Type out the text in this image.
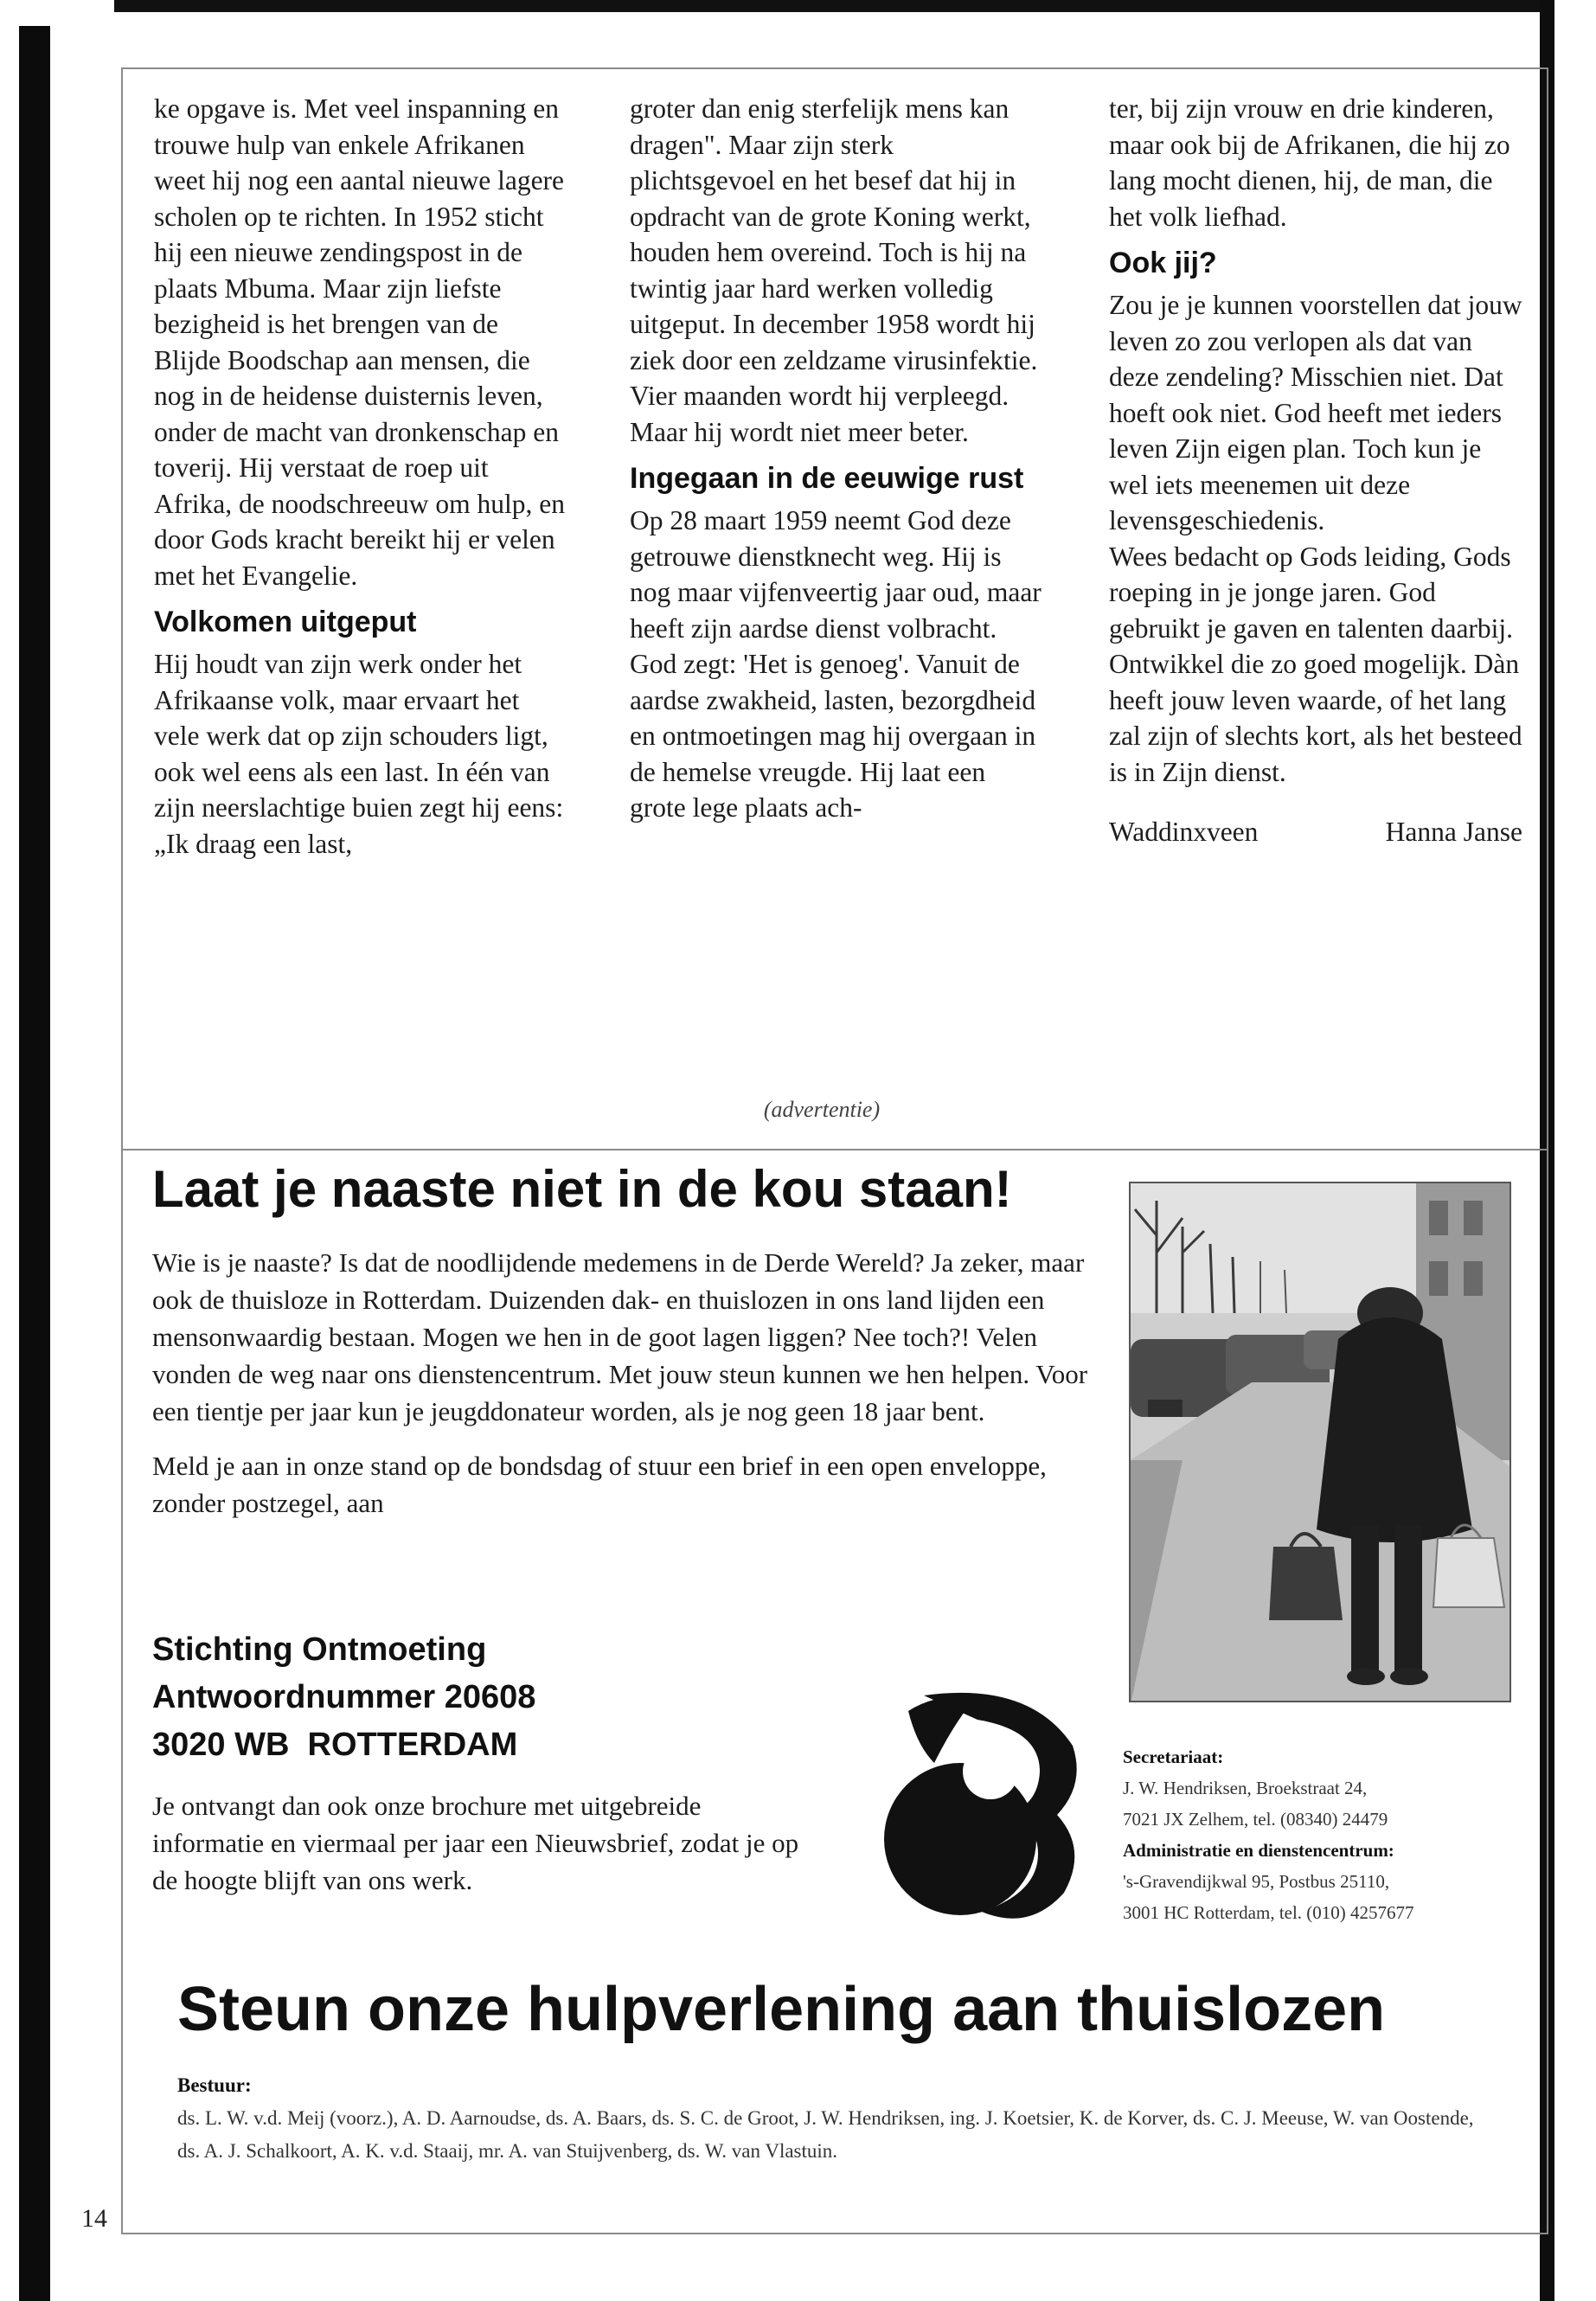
ke opgave is. Met veel inspanning en trouwe hulp van enkele Afrikanen weet hij nog een aantal nieuwe lagere scholen op te richten. In 1952 sticht hij een nieuwe zendingspost in de plaats Mbuma. Maar zijn liefste bezigheid is het brengen van de Blijde Boodschap aan mensen, die nog in de heidense duisternis leven, onder de macht van dronkenschap en toverij. Hij verstaat de roep uit Afrika, de noodschreeuw om hulp, en door Gods kracht bereikt hij er velen met het Evangelie.

Volkomen uitgeput

Hij houdt van zijn werk onder het Afrikaanse volk, maar ervaart het vele werk dat op zijn schouders ligt, ook wel eens als een last. In één van zijn neerslachtige buien zegt hij eens: „Ik draag een last,

groter dan enig sterfelijk mens kan dragen". Maar zijn sterk plichtsgevoel en het besef dat hij in opdracht van de grote Koning werkt, houden hem overeind. Toch is hij na twintig jaar hard werken volledig uitgeput. In december 1958 wordt hij ziek door een zeldzame virusinfektie. Vier maanden wordt hij verpleegd. Maar hij wordt niet meer beter.

Ingegaan in de eeuwige rust

Op 28 maart 1959 neemt God deze getrouwe dienstknecht weg. Hij is nog maar vijfenveertig jaar oud, maar heeft zijn aardse dienst volbracht. God zegt: 'Het is genoeg'. Vanuit de aardse zwakheid, lasten, bezorgdheid en ontmoetingen mag hij overgaan in de hemelse vreugde. Hij laat een grote lege plaats ach-

ter, bij zijn vrouw en drie kinderen, maar ook bij de Afrikanen, die hij zo lang mocht dienen, hij, de man, die het volk liefhad.

Ook jij?

Zou je je kunnen voorstellen dat jouw leven zo zou verlopen als dat van deze zendeling? Misschien niet. Dat hoeft ook niet. God heeft met ieders leven Zijn eigen plan. Toch kun je wel iets meenemen uit deze levensgeschiedenis.

Wees bedacht op Gods leiding, Gods roeping in je jonge jaren. God gebruikt je gaven en talenten daarbij. Ontwikkel die zo goed mogelijk. Dàn heeft jouw leven waarde, of het lang zal zijn of slechts kort, als het besteed is in Zijn dienst.

Waddinxveen	Hanna Janse
(advertentie)
Laat je naaste niet in de kou staan!

Wie is je naaste? Is dat de noodlijdende medemens in de Derde Wereld? Ja zeker, maar ook de thuisloze in Rotterdam. Duizenden dak- en thuislozen in ons land lijden een mensonwaardig bestaan. Mogen we hen in de goot lagen liggen? Nee toch?! Velen vonden de weg naar ons dienstencentrum. Met jouw steun kunnen we hen helpen. Voor een tientje per jaar kun je jeugddonateur worden, als je nog geen 18 jaar bent.

Meld je aan in onze stand op de bondsdag of stuur een brief in een open enveloppe, zonder postzegel, aan

Stichting Ontmoeting
Antwoordnummer 20608
3020 WB  ROTTERDAM
Je ontvangt dan ook onze brochure met uitgebreide informatie en viermaal per jaar een Nieuwsbrief, zodat je op de hoogte blijft van ons werk.
Secretariaat:
J. W. Hendriksen, Broekstraat 24,
7021 JX Zelhem, tel. (08340) 24479
Administratie en dienstencentrum:
's-Gravendijkwal 95, Postbus 25110,
3001 HC Rotterdam, tel. (010) 4257677
Steun onze hulpverlening aan thuislozen
Bestuur:
ds. L. W. v.d. Meij (voorz.), A. D. Aarnoudse, ds. A. Baars, ds. S. C. de Groot, J. W. Hendriksen, ing. J. Koetsier, K. de Korver, ds. C. J. Meeuse, W. van Oostende, ds. A. J. Schalkoort, A. K. v.d. Staaij, mr. A. van Stuijvenberg, ds. W. van Vlastuin.
14
